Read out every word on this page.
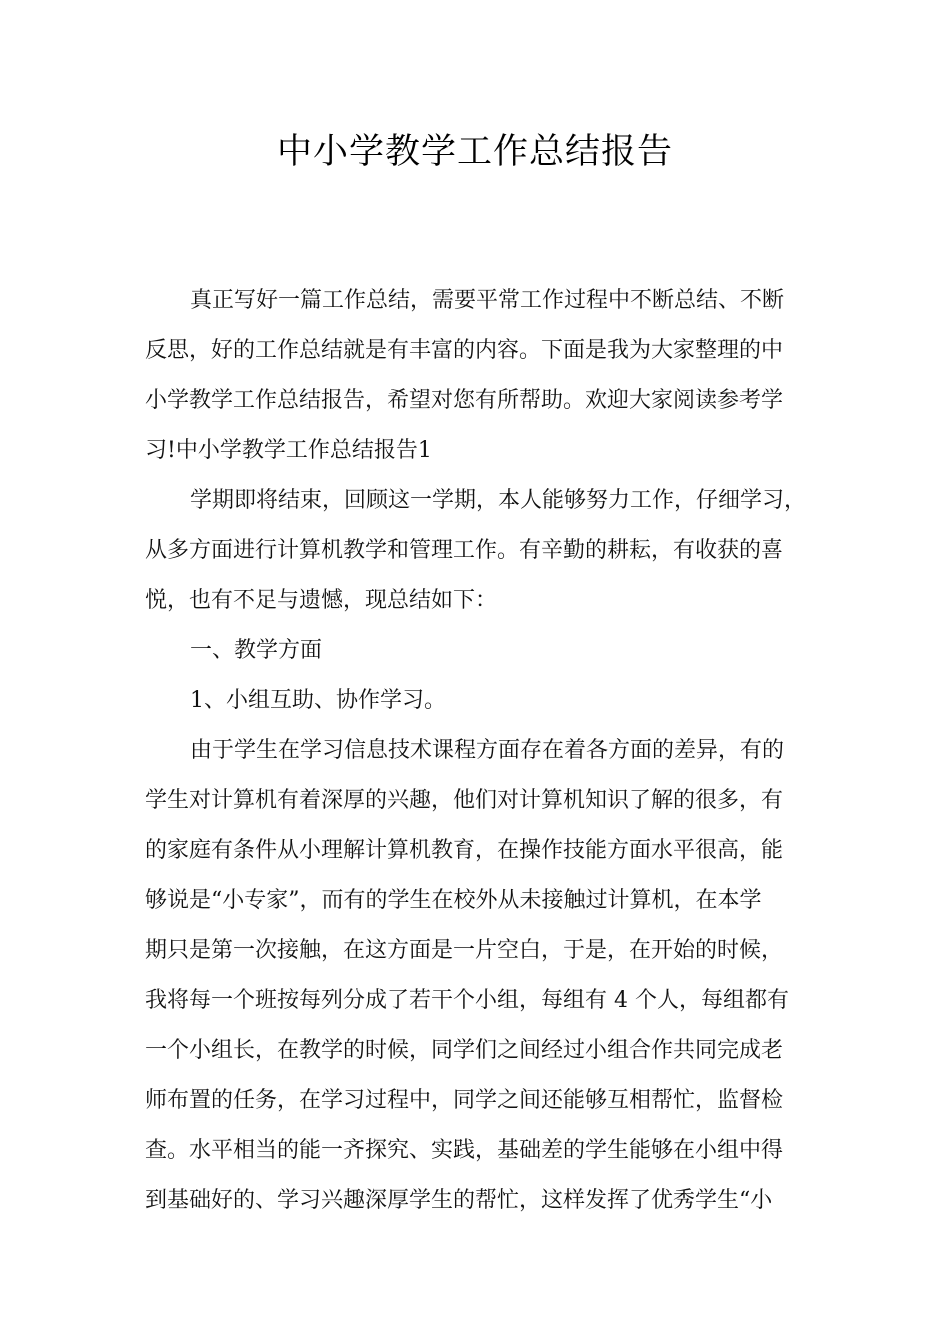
中小学教学工作总结报告
真正写好一篇工作总结，需要平常工作过程中不断总结、不断
反思，好的工作总结就是有丰富的内容。下面是我为大家整理的中
小学教学工作总结报告，希望对您有所帮助。欢迎大家阅读参考学
习!中小学教学工作总结报告1
学期即将结束，回顾这一学期，本人能够努力工作，仔细学习，
从多方面进行计算机教学和管理工作。有辛勤的耕耘，有收获的喜
悦，也有不足与遗憾，现总结如下：
一、教学方面
1、小组互助、协作学习。
由于学生在学习信息技术课程方面存在着各方面的差异，有的
学生对计算机有着深厚的兴趣，他们对计算机知识了解的很多，有
的家庭有条件从小理解计算机教育，在操作技能方面水平很高，能
够说是“小专家”，而有的学生在校外从未接触过计算机，在本学
期只是第一次接触，在这方面是一片空白，于是，在开始的时候，
我将每一个班按每列分成了若干个小组，每组有 4 个人，每组都有
一个小组长，在教学的时候，同学们之间经过小组合作共同完成老
师布置的任务，在学习过程中，同学之间还能够互相帮忙，监督检
查。水平相当的能一齐探究、实践，基础差的学生能够在小组中得
到基础好的、学习兴趣深厚学生的帮忙，这样发挥了优秀学生“小
